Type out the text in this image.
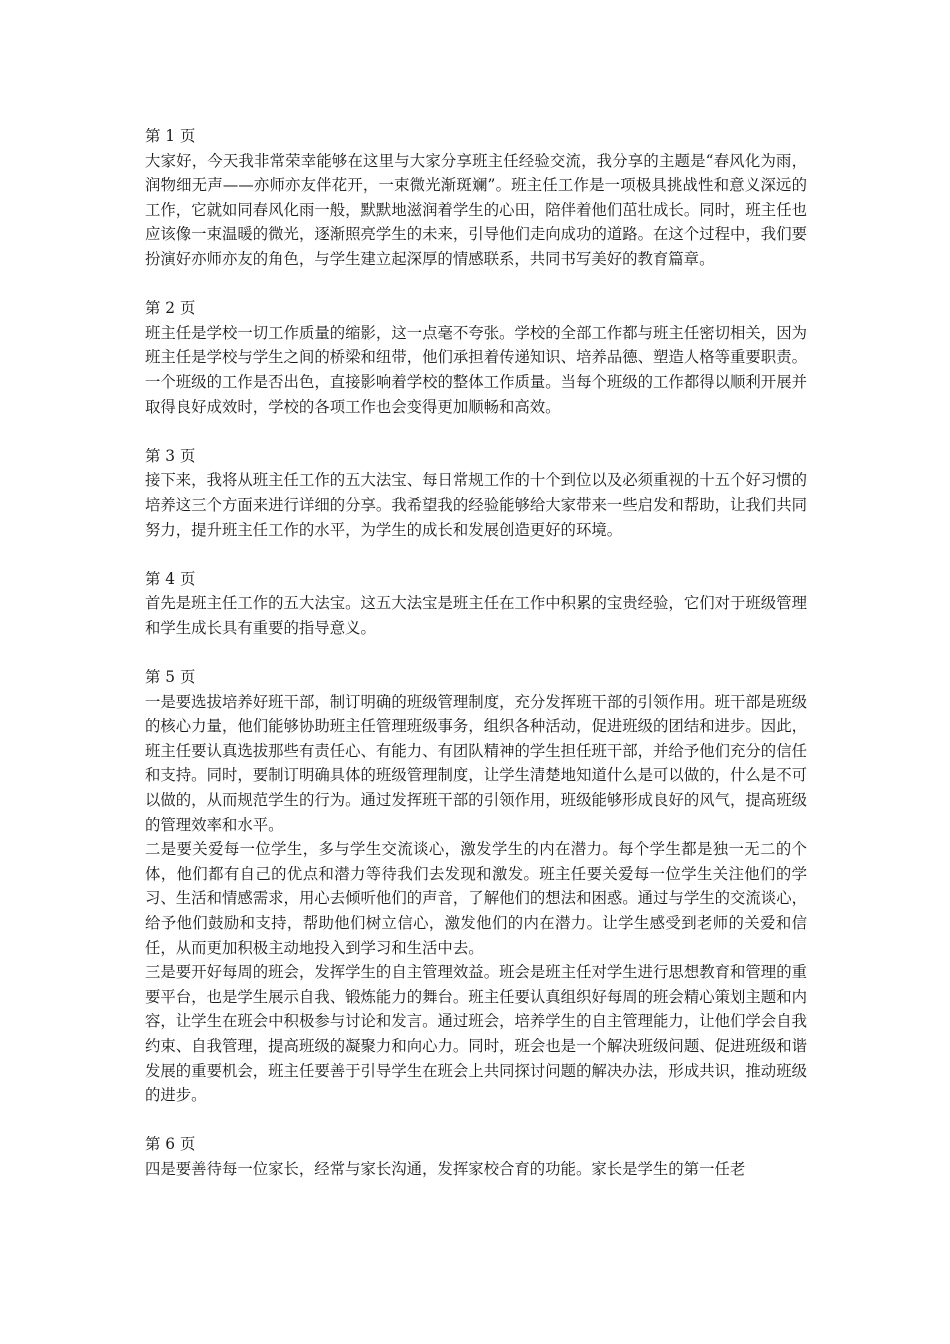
第 1 页
大家好，今天我非常荣幸能够在这里与大家分享班主任经验交流，我分享的主题是“春风化为雨，润物细无声——亦师亦友伴花开，一束微光渐斑斓”。班主任工作是一项极具挑战性和意义深远的工作，它就如同春风化雨一般，默默地滋润着学生的心田，陪伴着他们茁壮成长。同时，班主任也应该像一束温暖的微光，逐渐照亮学生的未来，引导他们走向成功的道路。在这个过程中，我们要扮演好亦师亦友的角色，与学生建立起深厚的情感联系，共同书写美好的教育篇章。
第 2 页
班主任是学校一切工作质量的缩影，这一点毫不夸张。学校的全部工作都与班主任密切相关，因为班主任是学校与学生之间的桥梁和纽带，他们承担着传递知识、培养品德、塑造人格等重要职责。一个班级的工作是否出色，直接影响着学校的整体工作质量。当每个班级的工作都得以顺利开展并取得良好成效时，学校的各项工作也会变得更加顺畅和高效。
第 3 页
接下来，我将从班主任工作的五大法宝、每日常规工作的十个到位以及必须重视的十五个好习惯的培养这三个方面来进行详细的分享。我希望我的经验能够给大家带来一些启发和帮助，让我们共同努力，提升班主任工作的水平，为学生的成长和发展创造更好的环境。
第 4 页
首先是班主任工作的五大法宝。这五大法宝是班主任在工作中积累的宝贵经验，它们对于班级管理和学生成长具有重要的指导意义。
第 5 页
一是要选拔培养好班干部，制订明确的班级管理制度，充分发挥班干部的引领作用。班干部是班级的核心力量，他们能够协助班主任管理班级事务，组织各种活动，促进班级的团结和进步。因此，班主任要认真选拔那些有责任心、有能力、有团队精神的学生担任班干部，并给予他们充分的信任和支持。同时，要制订明确具体的班级管理制度，让学生清楚地知道什么是可以做的，什么是不可以做的，从而规范学生的行为。通过发挥班干部的引领作用，班级能够形成良好的风气，提高班级的管理效率和水平。
二是要关爱每一位学生，多与学生交流谈心，激发学生的内在潜力。每个学生都是独一无二的个体，他们都有自己的优点和潜力等待我们去发现和激发。班主任要关爱每一位学生关注他们的学习、生活和情感需求，用心去倾听他们的声音，了解他们的想法和困惑。通过与学生的交流谈心，给予他们鼓励和支持，帮助他们树立信心，激发他们的内在潜力。让学生感受到老师的关爱和信任，从而更加积极主动地投入到学习和生活中去。
三是要开好每周的班会，发挥学生的自主管理效益。班会是班主任对学生进行思想教育和管理的重要平台，也是学生展示自我、锻炼能力的舞台。班主任要认真组织好每周的班会精心策划主题和内容，让学生在班会中积极参与讨论和发言。通过班会，培养学生的自主管理能力，让他们学会自我约束、自我管理，提高班级的凝聚力和向心力。同时，班会也是一个解决班级问题、促进班级和谐发展的重要机会，班主任要善于引导学生在班会上共同探讨问题的解决办法，形成共识，推动班级的进步。
第 6 页
四是要善待每一位家长，经常与家长沟通，发挥家校合育的功能。家长是学生的第一任老
